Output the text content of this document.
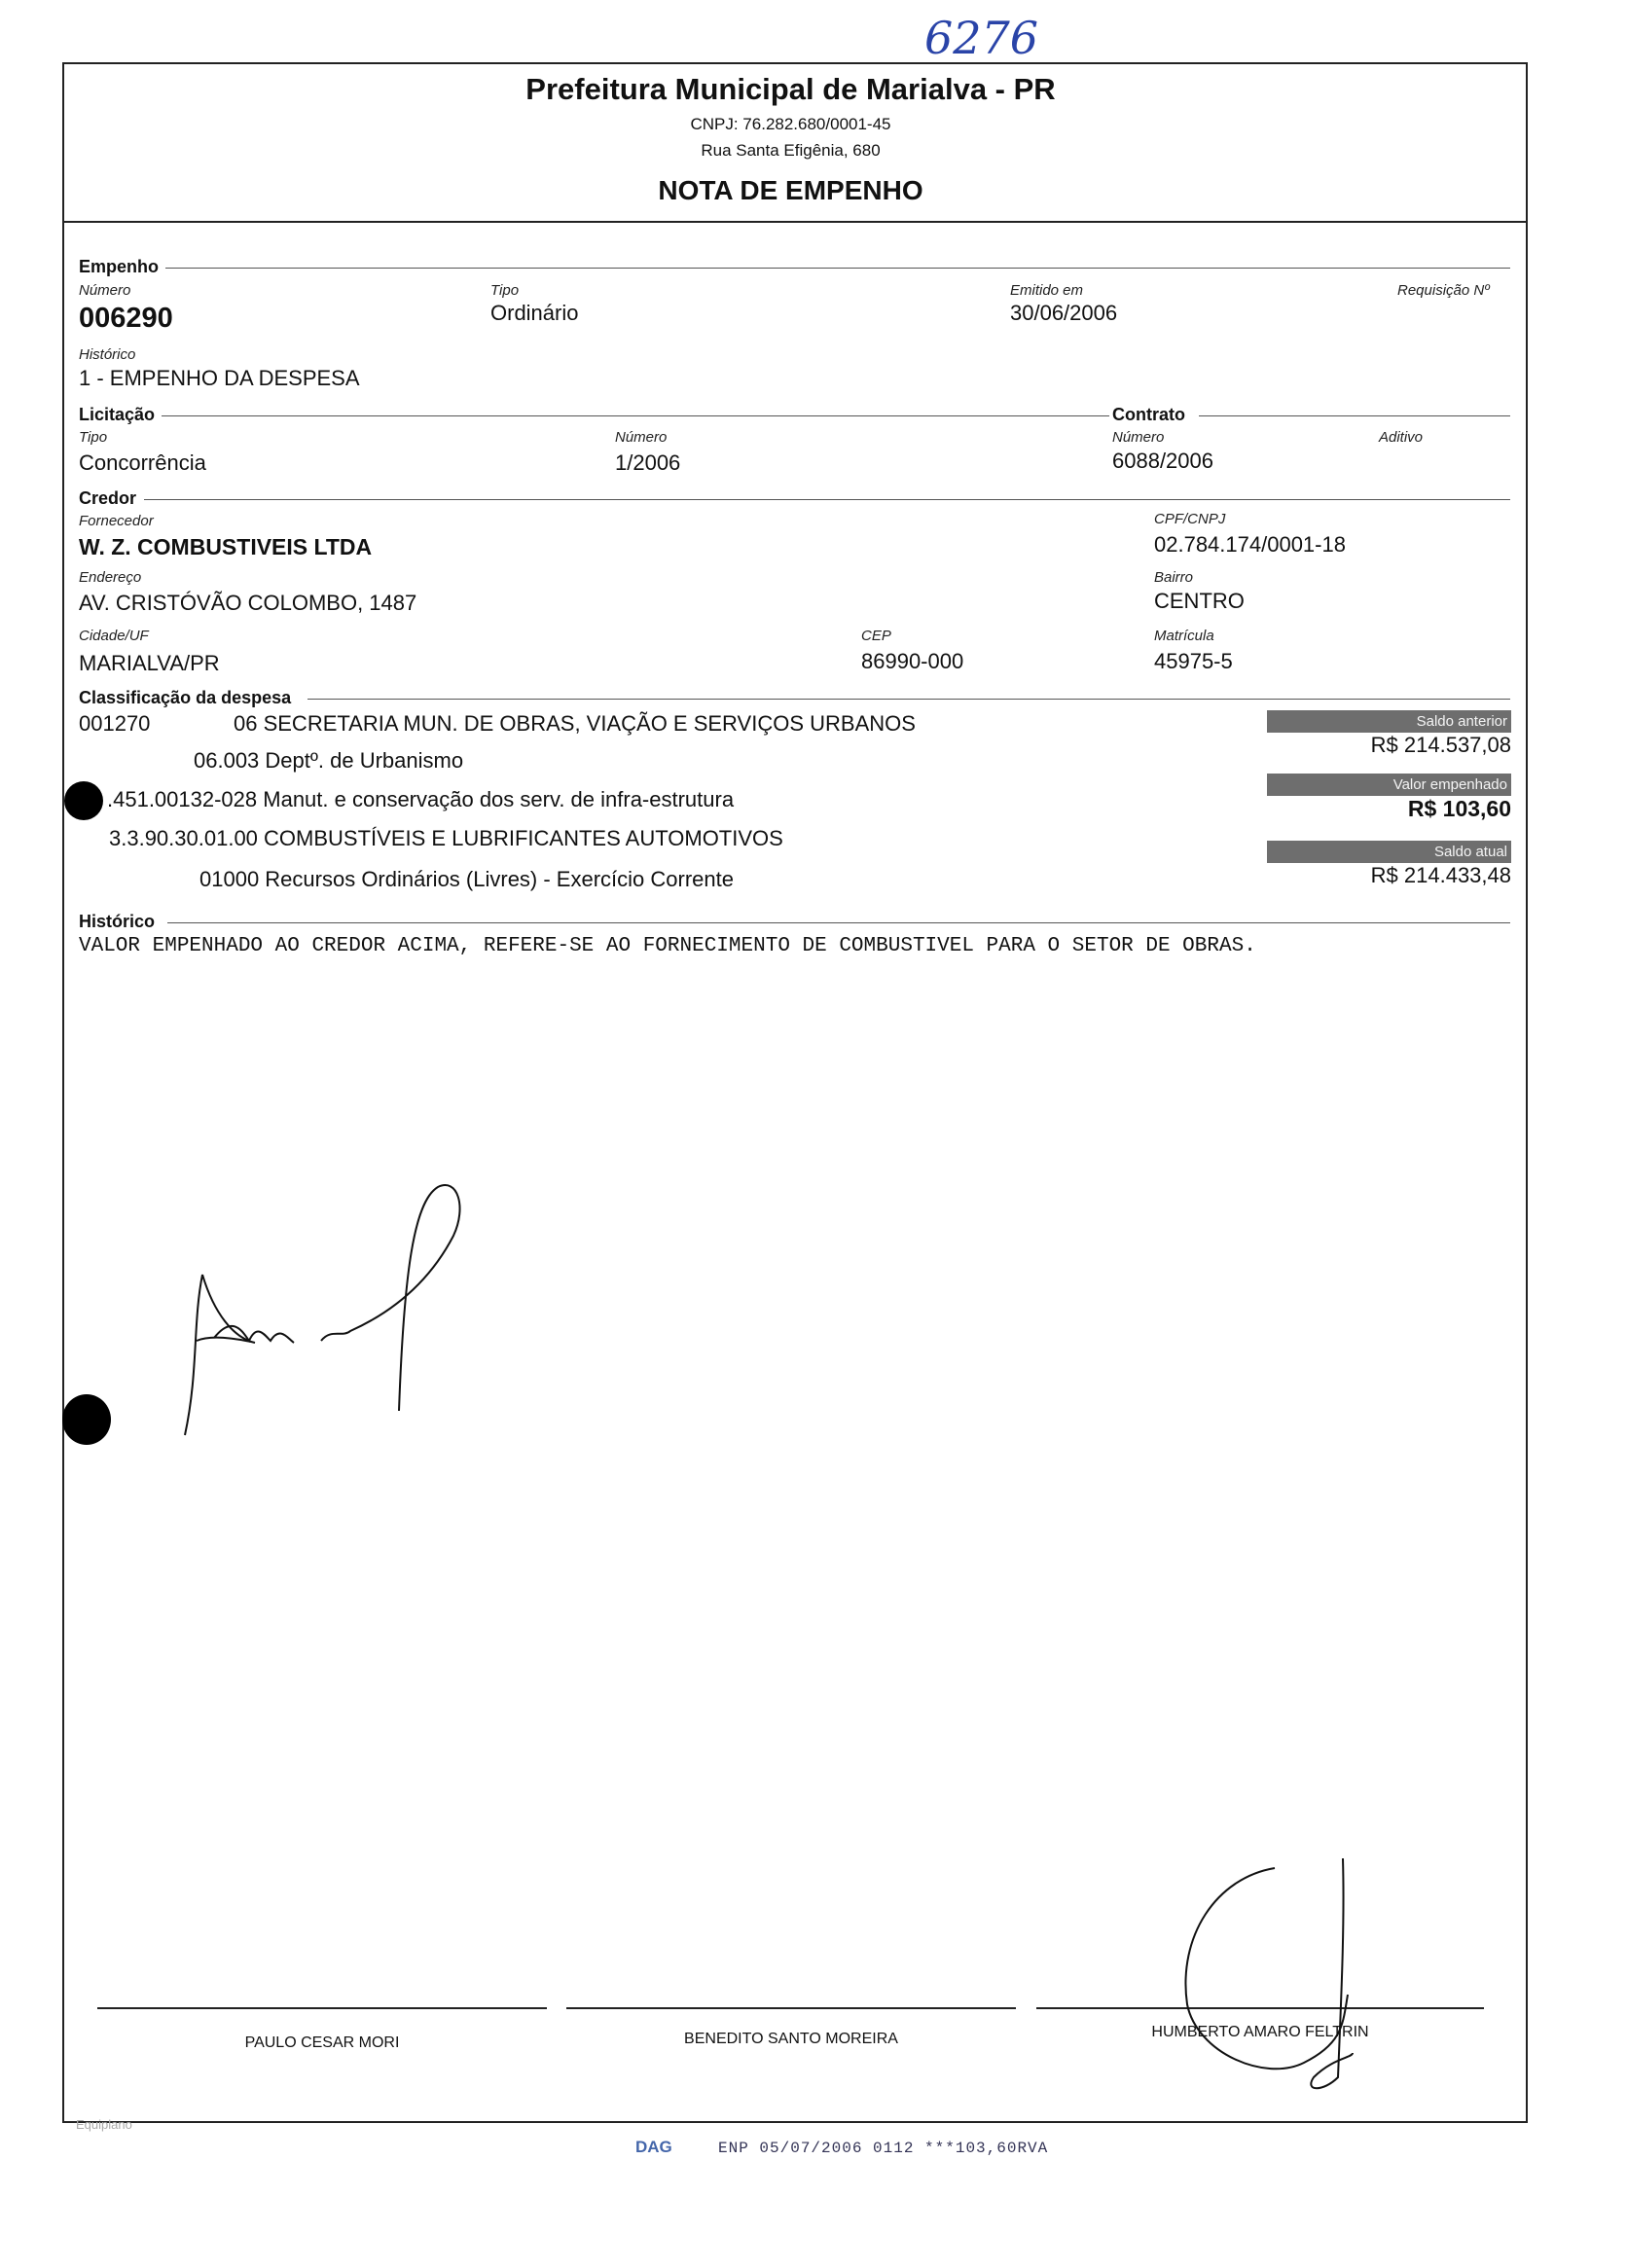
6276
Prefeitura Municipal de Marialva - PR
CNPJ: 76.282.680/0001-45
Rua Santa Efigênia, 680
NOTA DE EMPENHO
Empenho
Número
006290
Tipo
Ordinário
Emitido em
30/06/2006
Requisição Nº
Histórico
1 - EMPENHO DA DESPESA
Licitação	Contrato
Tipo
Concorrência
Número
1/2006
Número
6088/2006
Aditivo
Credor
Fornecedor
W. Z. COMBUSTIVEIS LTDA
CPF/CNPJ
02.784.174/0001-18
Endereço
AV. CRISTÓVÃO COLOMBO, 1487
Bairro
CENTRO
Cidade/UF
MARIALVA/PR
CEP
86990-000
Matrícula
45975-5
Classificação da despesa
001270	06 SECRETARIA MUN. DE OBRAS, VIAÇÃO E SERVIÇOS URBANOS
06.003 Deptº. de Urbanismo
.451.00132-028 Manut. e conservação dos serv. de infra-estrutura
3.3.90.30.01.00 COMBUSTÍVEIS E LUBRIFICANTES AUTOMOTIVOS
01000 Recursos Ordinários (Livres) - Exercício Corrente
Saldo anterior
R$ 214.537,08
Valor empenhado
R$ 103,60
Saldo atual
R$ 214.433,48
Histórico
VALOR EMPENHADO AO CREDOR ACIMA, REFERE-SE AO FORNECIMENTO DE COMBUSTIVEL PARA O SETOR DE OBRAS.
PAULO CESAR MORI	BENEDITO SANTO MOREIRA	HUMBERTO AMARO FELTRIN
Equiplano
DAG	ENP 05/07/2006 0112 ***103,60RVA
